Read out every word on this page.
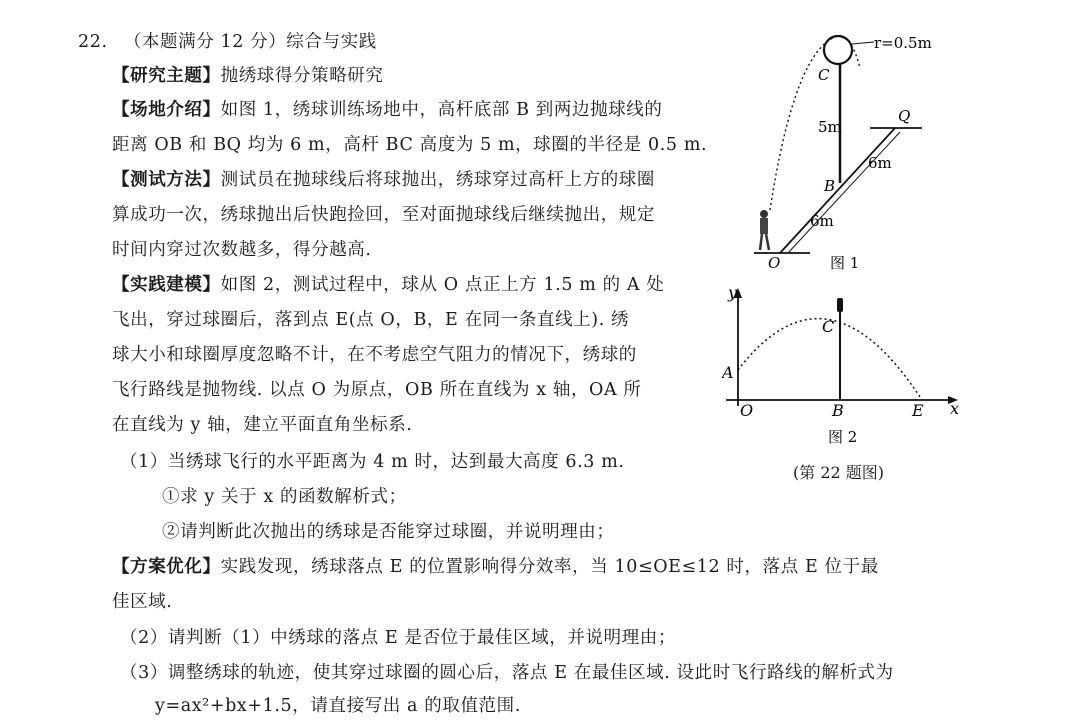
22. （本题满分 12 分）综合与实践
【研究主题】抛绣球得分策略研究
【场地介绍】如图 1，绣球训练场地中，高杆底部 B 到两边抛球线的
距离 OB 和 BQ 均为 6 m，高杆 BC 高度为 5 m，球圈的半径是 0.5 m.
【测试方法】测试员在抛球线后将球抛出，绣球穿过高杆上方的球圈
算成功一次，绣球抛出后快跑捡回，至对面抛球线后继续抛出，规定
时间内穿过次数越多，得分越高.
【实践建模】如图 2，测试过程中，球从 O 点正上方 1.5 m 的 A 处
飞出，穿过球圈后，落到点 E(点 O，B，E 在同一条直线上). 绣
球大小和球圈厚度忽略不计，在不考虑空气阻力的情况下，绣球的
飞行路线是抛物线. 以点 O 为原点，OB 所在直线为 x 轴，OA 所
在直线为 y 轴，建立平面直角坐标系.
（1）当绣球飞行的水平距离为 4 m 时，达到最大高度 6.3 m.
①求 y 关于 x 的函数解析式；
②请判断此次抛出的绣球是否能穿过球圈，并说明理由；
【方案优化】实践发现，绣球落点 E 的位置影响得分效率，当 10≤OE≤12 时，落点 E 位于最
佳区域.
（2）请判断（1）中绣球的落点 E 是否位于最佳区域，并说明理由；
（3）调整绣球的轨迹，使其穿过球圈的圆心后，落点 E 在最佳区域. 设此时飞行路线的解析式为
y=ax²+bx+1.5，请直接写出 a 的取值范围.
r=0.5m
C
5m
Q
6m
B
6m
O	图 1
y
x
C
A
O	B	E
图 2
(第 22 题图)
